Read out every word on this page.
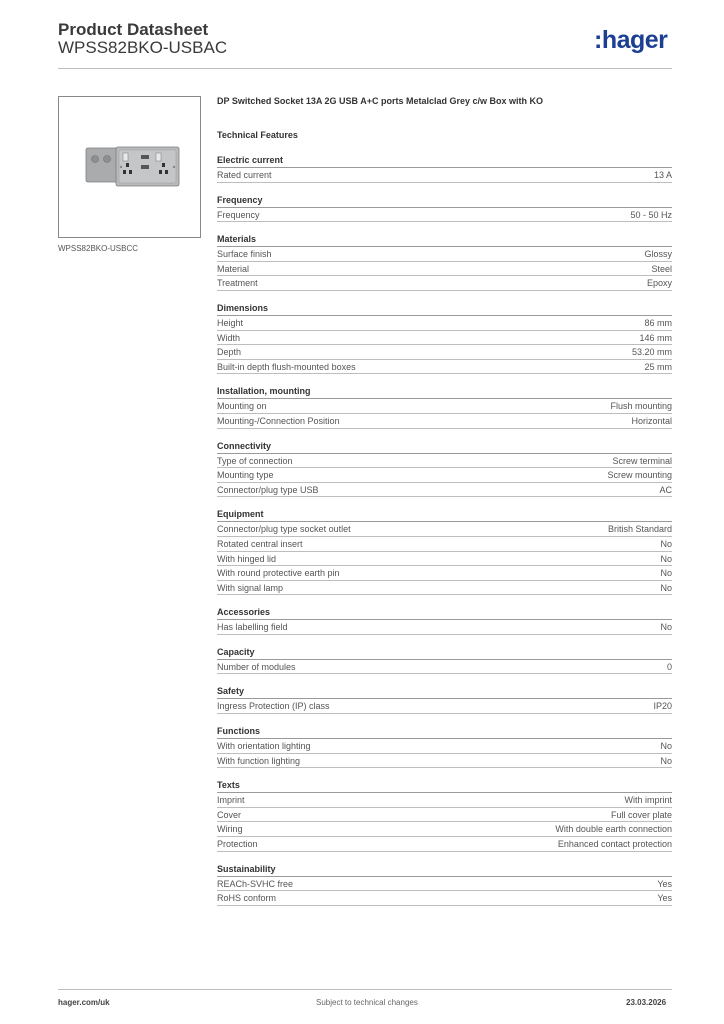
Product Datasheet
WPSS82BKO-USBAC	:hager
WPSS82BKO-USBCC
DP Switched Socket 13A 2G USB A+C ports Metalclad Grey c/w Box with KO
Technical Features
Electric current
Rated current	13 A
Frequency
Frequency	50 - 50 Hz
Materials
Surface finish	Glossy
Material	Steel
Treatment	Epoxy
Dimensions
Height	86 mm
Width	146 mm
Depth	53.20 mm
Built-in depth flush-mounted boxes	25 mm
Installation, mounting
Mounting on	Flush mounting
Mounting-/Connection Position	Horizontal
Connectivity
Type of connection	Screw terminal
Mounting type	Screw mounting
Connector/plug type USB	AC
Equipment
Connector/plug type socket outlet	British Standard
Rotated central insert	No
With hinged lid	No
With round protective earth pin	No
With signal lamp	No
Accessories
Has labelling field	No
Capacity
Number of modules	0
Safety
Ingress Protection (IP) class	IP20
Functions
With orientation lighting	No
With function lighting	No
Texts
Imprint	With imprint
Cover	Full cover plate
Wiring	With double earth connection
Protection	Enhanced contact protection
Sustainability
REACh-SVHC free	Yes
RoHS conform	Yes
hager.com/uk	Subject to technical changes	23.03.2026
